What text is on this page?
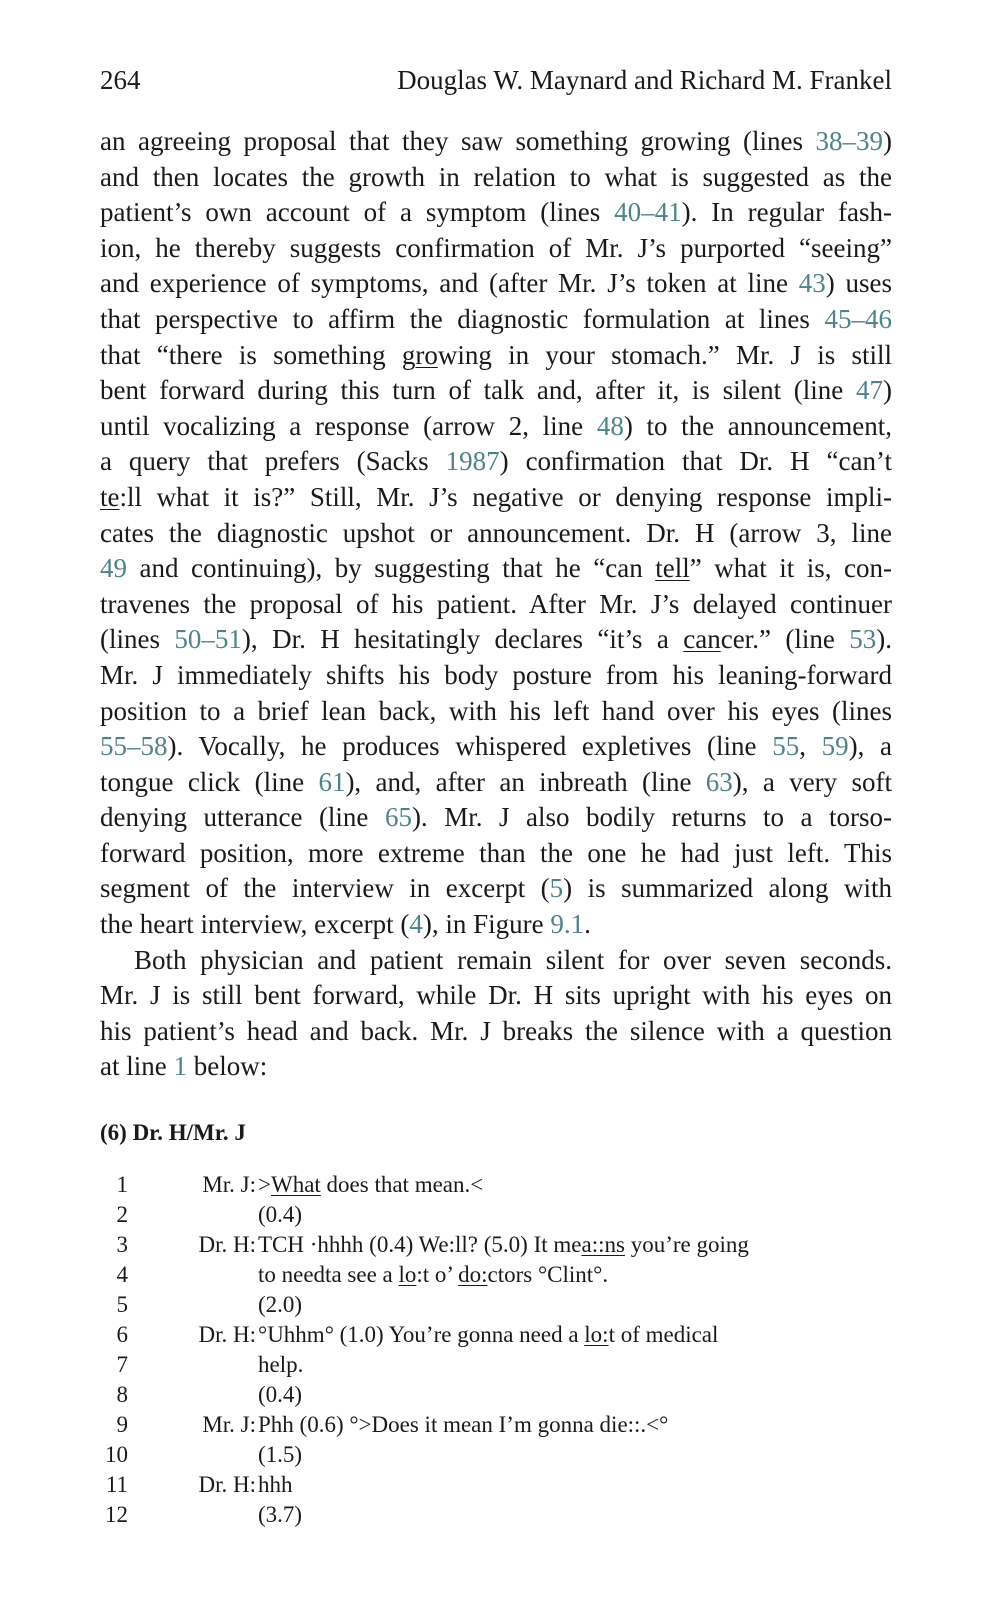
264	Douglas W. Maynard and Richard M. Frankel
an agreeing proposal that they saw something growing (lines 38–39)
and then locates the growth in relation to what is suggested as the
patient’s own account of a symptom (lines 40–41). In regular fash-
ion, he thereby suggests confirmation of Mr. J’s purported “seeing”
and experience of symptoms, and (after Mr. J’s token at line 43) uses
that perspective to affirm the diagnostic formulation at lines 45–46
that “there is something growing in your stomach.” Mr. J is still
bent forward during this turn of talk and, after it, is silent (line 47)
until vocalizing a response (arrow 2, line 48) to the announcement,
a query that prefers (Sacks 1987) confirmation that Dr. H “can’t
te:ll what it is?” Still, Mr. J’s negative or denying response impli-
cates the diagnostic upshot or announcement. Dr. H (arrow 3, line
49 and continuing), by suggesting that he “can tell” what it is, con-
travenes the proposal of his patient. After Mr. J’s delayed continuer
(lines 50–51), Dr. H hesitatingly declares “it’s a cancer.” (line 53).
Mr. J immediately shifts his body posture from his leaning-forward
position to a brief lean back, with his left hand over his eyes (lines
55–58). Vocally, he produces whispered expletives (line 55, 59), a
tongue click (line 61), and, after an inbreath (line 63), a very soft
denying utterance (line 65). Mr. J also bodily returns to a torso-
forward position, more extreme than the one he had just left. This
segment of the interview in excerpt (5) is summarized along with
the heart interview, excerpt (4), in Figure 9.1.
Both physician and patient remain silent for over seven seconds.
Mr. J is still bent forward, while Dr. H sits upright with his eyes on
his patient’s head and back. Mr. J breaks the silence with a question
at line 1 below:
(6) Dr. H/Mr. J
1	Mr. J: >What does that mean.<
2	(0.4)
3	Dr. H: TCH ·hhhh (0.4) We:ll? (5.0) It mea::ns you’re going
4	to needta see a lo:t o’ do:ctors °Clint°.
5	(2.0)
6	Dr. H: °Uhhm° (1.0) You’re gonna need a lo:t of medical
7	help.
8	(0.4)
9	Mr. J: Phh (0.6) °>Does it mean I’m gonna die::.<°
10	(1.5)
11	Dr. H: hhh
12	(3.7)
